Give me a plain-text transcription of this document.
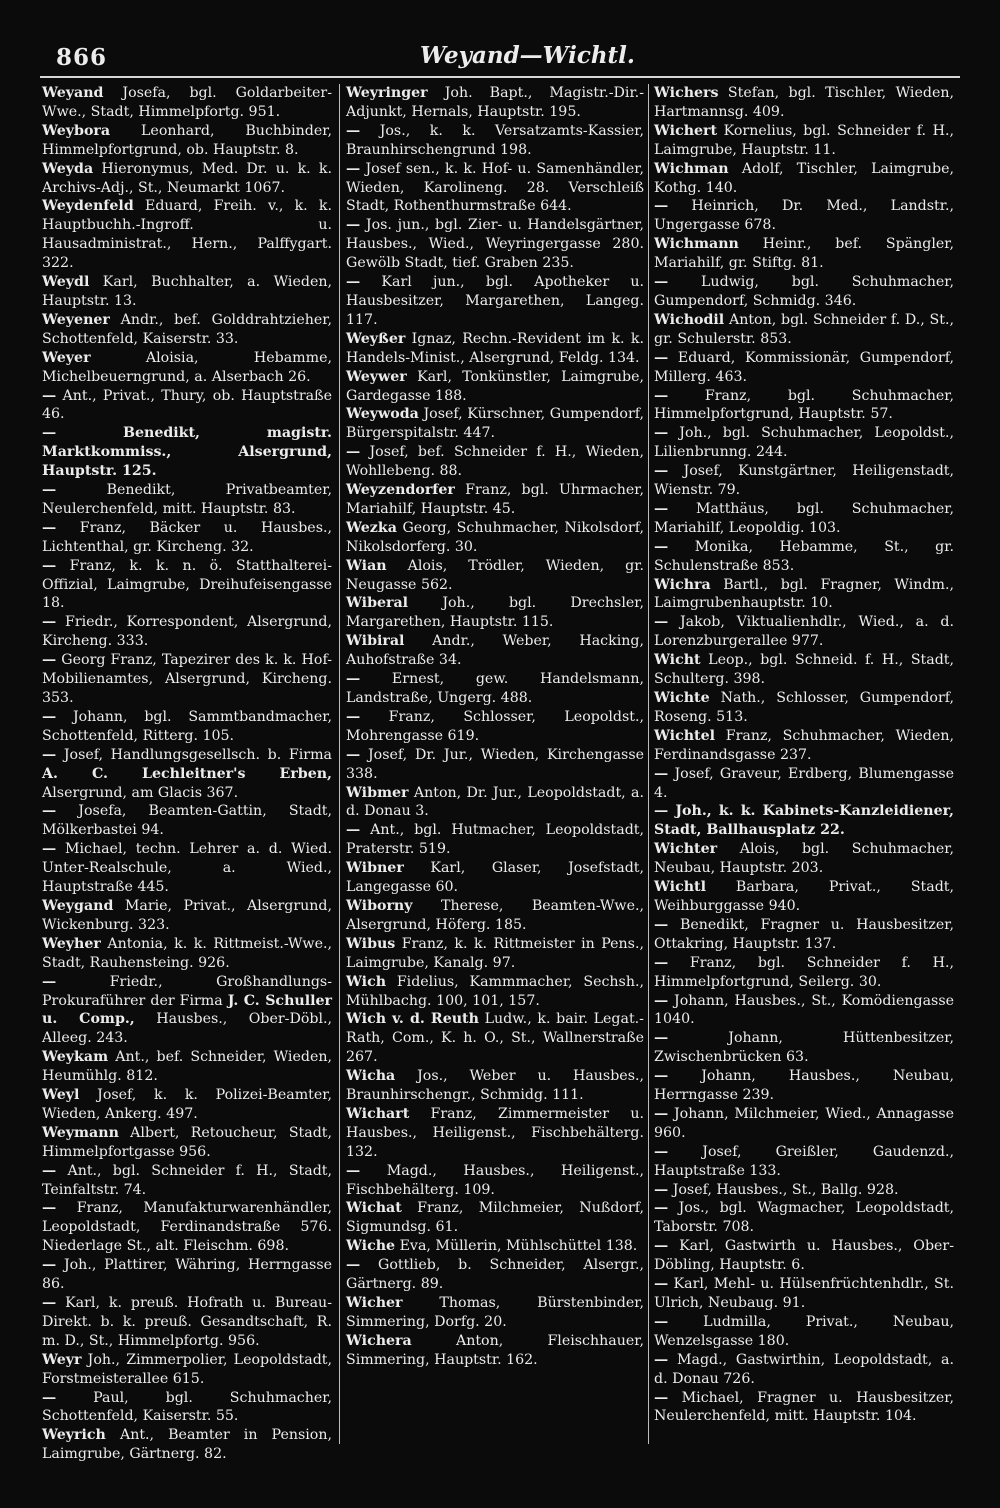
866	Weyand—Wichtl.

Weyand Josefa, bgl. Goldarbeiter-Wwe., Stadt, Himmelpfortg. 951.

Weybora Leonhard, Buchbinder, Himmelpfortgrund, ob. Hauptstr. 8.

Weyda Hieronymus, Med. Dr. u. k. k. Archivs-Adj., St., Neumarkt 1067.

Weydenfeld Eduard, Freih. v., k. k. Hauptbuchh.-Ingroff. u. Hausadministrat., Hern., Palffygart. 322.

Weydl Karl, Buchhalter, a. Wieden, Hauptstr. 13.

Weyener Andr., bef. Golddrahtzieher, Schottenfeld, Kaiserstr. 33.

Weyer Aloisia, Hebamme, Michelbeuerngrund, a. Alserbach 26.

— Ant., Privat., Thury, ob. Hauptstraße 46.

— Benedikt, magistr. Marktkommiss., Alsergrund, Hauptstr. 125.

— Benedikt, Privatbeamter, Neulerchenfeld, mitt. Hauptstr. 83.

— Franz, Bäcker u. Hausbes., Lichtenthal, gr. Kircheng. 32.

— Franz, k. k. n. ö. Statthalterei-Offizial, Laimgrube, Dreihufeisengasse 18.

— Friedr., Korrespondent, Alsergrund, Kircheng. 333.

— Georg Franz, Tapezirer des k. k. Hof-Mobilienamtes, Alsergrund, Kircheng. 353.

— Johann, bgl. Sammtbandmacher, Schottenfeld, Ritterg. 105.

— Josef, Handlungsgesellsch. b. Firma A. C. Lechleitner's Erben, Alsergrund, am Glacis 367.

— Josefa, Beamten-Gattin, Stadt, Mölkerbastei 94.

— Michael, techn. Lehrer a. d. Wied. Unter-Realschule, a. Wied., Hauptstraße 445.

Weygand Marie, Privat., Alsergrund, Wickenburg. 323.

Weyher Antonia, k. k. Rittmeist.-Wwe., Stadt, Rauhensteing. 926.

— Friedr., Großhandlungs-Prokuraführer der Firma J. C. Schuller u. Comp., Hausbes., Ober-Döbl., Alleeg. 243.

Weykam Ant., bef. Schneider, Wieden, Heumühlg. 812.

Weyl Josef, k. k. Polizei-Beamter, Wieden, Ankerg. 497.

Weymann Albert, Retoucheur, Stadt, Himmelpfortgasse 956.

— Ant., bgl. Schneider f. H., Stadt, Teinfaltstr. 74.

— Franz, Manufakturwarenhändler, Leopoldstadt, Ferdinandstraße 576. Niederlage St., alt. Fleischm. 698.

— Joh., Plattirer, Währing, Herrngasse 86.

— Karl, k. preuß. Hofrath u. Bureau-Direkt. b. k. preuß. Gesandtschaft, R. m. D., St., Himmelpfortg. 956.

Weyr Joh., Zimmerpolier, Leopoldstadt, Forstmeisterallee 615.

— Paul, bgl. Schuhmacher, Schottenfeld, Kaiserstr. 55.

Weyrich Ant., Beamter in Pension, Laimgrube, Gärtnerg. 82.

Weyringer Joh. Bapt., Magistr.-Dir.-Adjunkt, Hernals, Hauptstr. 195.

— Jos., k. k. Versatzamts-Kassier, Braunhirschengrund 198.

— Josef sen., k. k. Hof- u. Samenhändler, Wieden, Karolineng. 28. Verschleiß Stadt, Rothenthurmstraße 644.

— Jos. jun., bgl. Zier- u. Handelsgärtner, Hausbes., Wied., Weyringergasse 280. Gewölb Stadt, tief. Graben 235.

— Karl jun., bgl. Apotheker u. Hausbesitzer, Margarethen, Langeg. 117.

Weyßer Ignaz, Rechn.-Revident im k. k. Handels-Minist., Alsergrund, Feldg. 134.

Weywer Karl, Tonkünstler, Laimgrube, Gardegasse 188.

Weywoda Josef, Kürschner, Gumpendorf, Bürgerspitalstr. 447.

— Josef, bef. Schneider f. H., Wieden, Wohllebeng. 88.

Weyzendorfer Franz, bgl. Uhrmacher, Mariahilf, Hauptstr. 45.

Wezka Georg, Schuhmacher, Nikolsdorf, Nikolsdorferg. 30.

Wian Alois, Trödler, Wieden, gr. Neugasse 562.

Wiberal Joh., bgl. Drechsler, Margarethen, Hauptstr. 115.

Wibiral Andr., Weber, Hacking, Auhofstraße 34.

— Ernest, gew. Handelsmann, Landstraße, Ungerg. 488.

— Franz, Schlosser, Leopoldst., Mohrengasse 619.

— Josef, Dr. Jur., Wieden, Kirchengasse 338.

Wibmer Anton, Dr. Jur., Leopoldstadt, a. d. Donau 3.

— Ant., bgl. Hutmacher, Leopoldstadt, Praterstr. 519.

Wibner Karl, Glaser, Josefstadt, Langegasse 60.

Wiborny Therese, Beamten-Wwe., Alsergrund, Höferg. 185.

Wibus Franz, k. k. Rittmeister in Pens., Laimgrube, Kanalg. 97.

Wich Fidelius, Kammmacher, Sechsh., Mühlbachg. 100, 101, 157.

Wich v. d. Reuth Ludw., k. bair. Legat.-Rath, Com., K. h. O., St., Wallnerstraße 267.

Wicha Jos., Weber u. Hausbes., Braunhirschengr., Schmidg. 111.

Wichart Franz, Zimmermeister u. Hausbes., Heiligenst., Fischbehälterg. 132.

— Magd., Hausbes., Heiligenst., Fischbehälterg. 109.

Wichat Franz, Milchmeier, Nußdorf, Sigmundsg. 61.

Wiche Eva, Müllerin, Mühlschüttel 138.

— Gottlieb, b. Schneider, Alsergr., Gärtnerg. 89.

Wicher Thomas, Bürstenbinder, Simmering, Dorfg. 20.

Wichera Anton, Fleischhauer, Simmering, Hauptstr. 162.

Wichers Stefan, bgl. Tischler, Wieden, Hartmannsg. 409.

Wichert Kornelius, bgl. Schneider f. H., Laimgrube, Hauptstr. 11.

Wichman Adolf, Tischler, Laimgrube, Kothg. 140.

— Heinrich, Dr. Med., Landstr., Ungergasse 678.

Wichmann Heinr., bef. Spängler, Mariahilf, gr. Stiftg. 81.

— Ludwig, bgl. Schuhmacher, Gumpendorf, Schmidg. 346.

Wichodil Anton, bgl. Schneider f. D., St., gr. Schulerstr. 853.

— Eduard, Kommissionär, Gumpendorf, Millerg. 463.

— Franz, bgl. Schuhmacher, Himmelpfortgrund, Hauptstr. 57.

— Joh., bgl. Schuhmacher, Leopoldst., Lilienbrunng. 244.

— Josef, Kunstgärtner, Heiligenstadt, Wienstr. 79.

— Matthäus, bgl. Schuhmacher, Mariahilf, Leopoldig. 103.

— Monika, Hebamme, St., gr. Schulenstraße 853.

Wichra Bartl., bgl. Fragner, Windm., Laimgrubenhauptstr. 10.

— Jakob, Viktualienhdlr., Wied., a. d. Lorenzburgerallee 977.

Wicht Leop., bgl. Schneid. f. H., Stadt, Schulterg. 398.

Wichte Nath., Schlosser, Gumpendorf, Roseng. 513.

Wichtel Franz, Schuhmacher, Wieden, Ferdinandsgasse 237.

— Josef, Graveur, Erdberg, Blumengasse 4.

— Joh., k. k. Kabinets-Kanzleidiener, Stadt, Ballhausplatz 22.

Wichter Alois, bgl. Schuhmacher, Neubau, Hauptstr. 203.

Wichtl Barbara, Privat., Stadt, Weihburggasse 940.

— Benedikt, Fragner u. Hausbesitzer, Ottakring, Hauptstr. 137.

— Franz, bgl. Schneider f. H., Himmelpfortgrund, Seilerg. 30.

— Johann, Hausbes., St., Komödiengasse 1040.

— Johann, Hüttenbesitzer, Zwischenbrücken 63.

— Johann, Hausbes., Neubau, Herrngasse 239.

— Johann, Milchmeier, Wied., Annagasse 960.

— Josef, Greißler, Gaudenzd., Hauptstraße 133.

— Josef, Hausbes., St., Ballg. 928.

— Jos., bgl. Wagmacher, Leopoldstadt, Taborstr. 708.

— Karl, Gastwirth u. Hausbes., Ober-Döbling, Hauptstr. 6.

— Karl, Mehl- u. Hülsenfrüchtenhdlr., St. Ulrich, Neubaug. 91.

— Ludmilla, Privat., Neubau, Wenzelsgasse 180.

— Magd., Gastwirthin, Leopoldstadt, a. d. Donau 726.

— Michael, Fragner u. Hausbesitzer, Neulerchenfeld, mitt. Hauptstr. 104.
